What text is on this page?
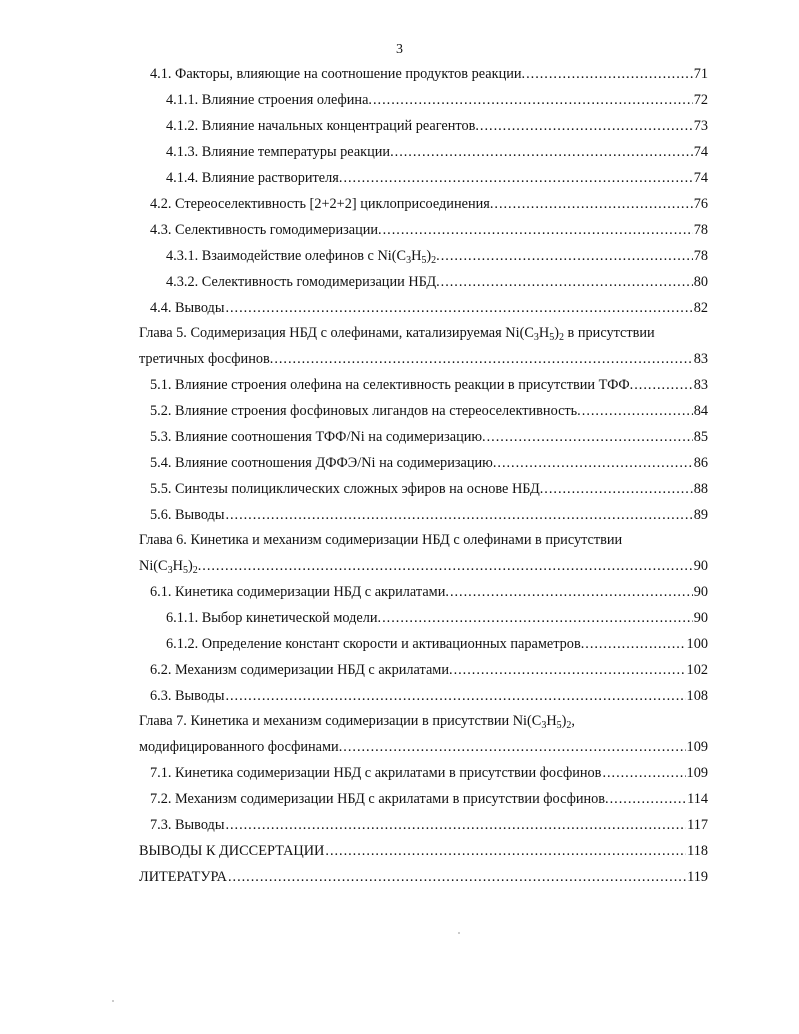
3
4.1. Факторы, влияющие на соотношение продуктов реакции. . . .	71
4.1.1. Влияние строения олефина. . . .	72
4.1.2. Влияние начальных концентраций реагентов. . . .	73
4.1.3. Влияние температуры реакции. . . .	74
4.1.4. Влияние растворителя. . . .	74
4.2. Стереоселективность [2+2+2] циклоприсоединения. . . .	76
4.3. Селективность гомодимеризации. . . .	78
4.3.1. Взаимодействие олефинов с $Ni(C_3H_5)_2$. . . .	78
4.3.2. Селективность гомодимеризации НБД. . . .	80
4.4. Выводы . . .	82
Глава 5. Содимеризация НБД с олефинами, катализируемая $Ni(C_3H_5)_2$ в присутствии
третичных фосфинов. . . .	83
5.1. Влияние строения олефина на селективность реакции в присутствии ТФФ. . . .	83
5.2. Влияние строения фосфиновых лигандов на стереоселективность. . . .	84
5.3. Влияние соотношения ТФФ/Ni на содимеризацию. . . .	85
5.4. Влияние соотношения ДФФЭ/Ni на содимеризацию. . . .	86
5.5. Синтезы полициклических сложных эфиров на основе НБД. . . .	88
5.6. Выводы . . .	89
Глава 6. Кинетика и механизм содимеризации НБД с олефинами в присутствии
$Ni(C_3H_5)_2$. . . .	90
6.1. Кинетика содимеризации НБД с акрилатами. . . .	90
6.1.1. Выбор кинетической модели. . . .	90
6.1.2. Определение констант скорости и активационных параметров. . . .	100
6.2. Механизм содимеризации НБД с акрилатами. . . .	102
6.3. Выводы . . .	108
Глава 7. Кинетика и механизм содимеризации в присутствии $Ni(C_3H_5)_2$,
модифицированного фосфинами. . . .	109
7.1. Кинетика содимеризации НБД с акрилатами в присутствии фосфинов . . .	109
7.2. Механизм содимеризации НБД с акрилатами в присутствии фосфинов. . . .	114
7.3. Выводы . . .	117
ВЫВОДЫ К ДИССЕРТАЦИИ . . .	118
ЛИТЕРАТУРА . . .	119
